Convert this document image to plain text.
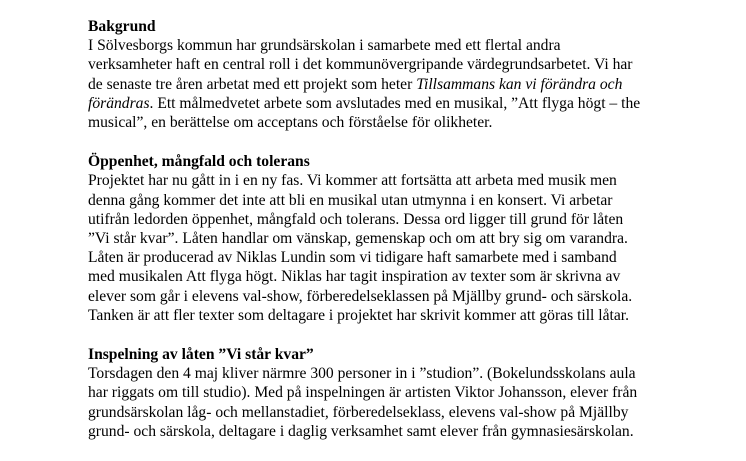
Bakgrund

I Sölvesborgs kommun har grundsärskolan i samarbete med ett flertal andra

verksamheter haft en central roll i det kommunövergripande värdegrundsarbetet. Vi har

de senaste tre åren arbetat med ett projekt som heter Tillsammans kan vi förändra och

förändras. Ett målmedvetet arbete som avslutades med en musikal, ”Att flyga högt – the

musical”, en berättelse om acceptans och förståelse för olikheter.

Öppenhet, mångfald och tolerans

Projektet har nu gått in i en ny fas. Vi kommer att fortsätta att arbeta med musik men

denna gång kommer det inte att bli en musikal utan utmynna i en konsert. Vi arbetar

utifrån ledorden öppenhet, mångfald och tolerans. Dessa ord ligger till grund för låten

”Vi står kvar”. Låten handlar om vänskap, gemenskap och om att bry sig om varandra.

Låten är producerad av Niklas Lundin som vi tidigare haft samarbete med i samband

med musikalen Att flyga högt. Niklas har tagit inspiration av texter som är skrivna av

elever som går i elevens val-show, förberedelseklassen på Mjällby grund- och särskola.

Tanken är att fler texter som deltagare i projektet har skrivit kommer att göras till låtar.

Inspelning av låten ”Vi står kvar”

Torsdagen den 4 maj kliver närmre 300 personer in i ”studion”. (Bokelundsskolans aula

har riggats om till studio). Med på inspelningen är artisten Viktor Johansson, elever från

grundsärskolan låg- och mellanstadiet, förberedelseklass, elevens val-show på Mjällby

grund- och särskola, deltagare i daglig verksamhet samt elever från gymnasiesärskolan.
